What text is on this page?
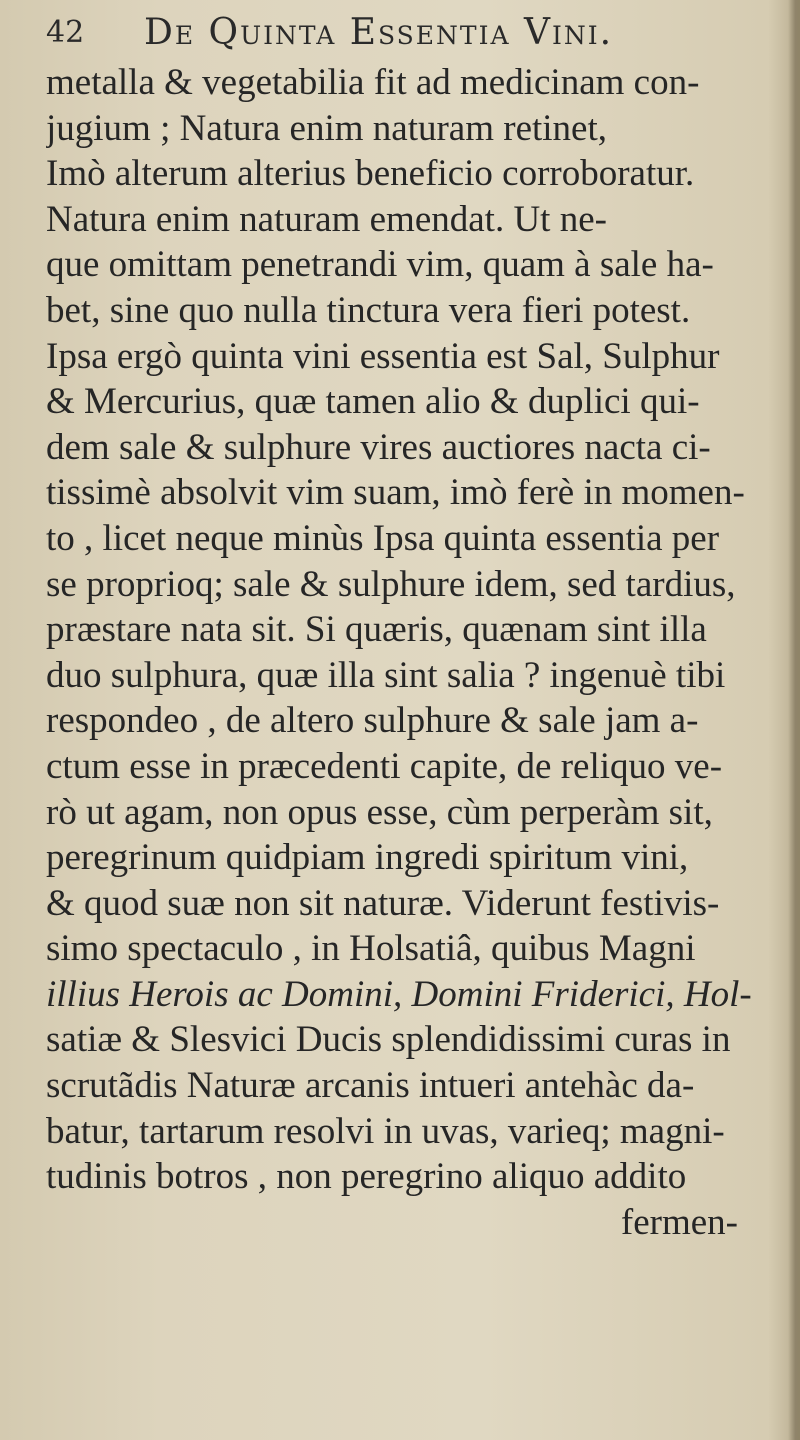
42 De Quinta Essentia Vini.
metalla & vegetabilia fit ad medicinam con-
jugium ; Natura enim naturam retinet,
Imò alterum alterius beneficio corroboratur.
Natura enim naturam emendat. Ut ne-
que omittam penetrandi vim, quam à sale ha-
bet, sine quo nulla tinctura vera fieri potest.
Ipsa ergò quinta vini essentia est Sal, Sulphur
& Mercurius, quæ tamen alio & duplici qui-
dem sale & sulphure vires auctiores nacta ci-
tissimè absolvit vim suam, imò ferè in momen-
to , licet neque minùs Ipsa quinta essentia per
se proprioq; sale & sulphure idem, sed tardius,
præstare nata sit. Si quæris, quænam sint illa
duo sulphura, quæ illa sint salia ? ingenuè tibi
respondeo , de altero sulphure & sale jam a-
ctum esse in præcedenti capite, de reliquo ve-
rò ut agam, non opus esse, cùm perperàm sit,
peregrinum quidpiam ingredi spiritum vini,
& quod suæ non sit naturæ. Viderunt festivis-
simo spectaculo , in Holsatiâ, quibus Magni
illius Herois ac Domini, Domini Friderici, Hol-
satiæ & Slesvici Ducis splendidissimi curas in
scrutãdis Naturæ arcanis intueri antehàc da-
batur, tartarum resolvi in uvas, varieq; magni-
tudinis botros , non peregrino aliquo addito
fermen-
